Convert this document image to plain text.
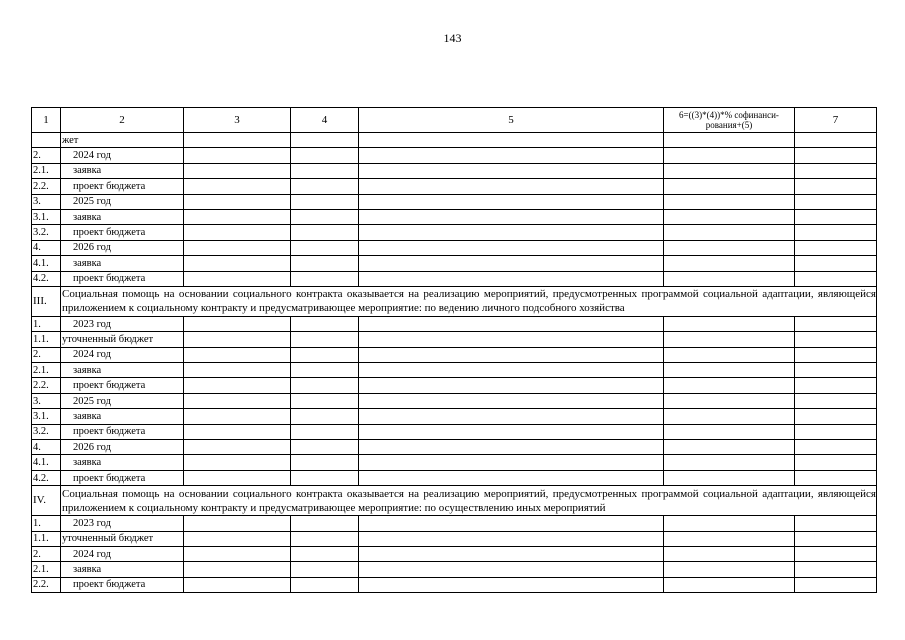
143
1	2	3	4	5	6=((3)*(4))*% софинанси-рования+(5)	7
	жет					
2.	2024 год					
2.1.	заявка					
2.2.	проект бюджета					
3.	2025 год					
3.1.	заявка					
3.2.	проект бюджета					
4.	2026 год					
4.1.	заявка					
4.2.	проект бюджета					
III.	Социальная помощь на основании социального контракта оказывается на реализацию мероприятий, предусмотренных программой социальной адаптации, являющейся приложением к социальному контракту и предусматривающее мероприятие: по ведению личного подсобного хозяйства					
1.	2023 год					
1.1.	уточненный бюджет					
2.	2024 год					
2.1.	заявка					
2.2.	проект бюджета					
3.	2025 год					
3.1.	заявка					
3.2.	проект бюджета					
4.	2026 год					
4.1.	заявка					
4.2.	проект бюджета					
IV.	Социальная помощь на основании социального контракта оказывается на реализацию мероприятий, предусмотренных программой социальной адаптации, являющейся приложением к социальному контракту и предусматривающее мероприятие: по осуществлению иных мероприятий					
1.	2023 год					
1.1.	уточненный бюджет					
2.	2024 год					
2.1.	заявка					
2.2.	проект бюджета					
